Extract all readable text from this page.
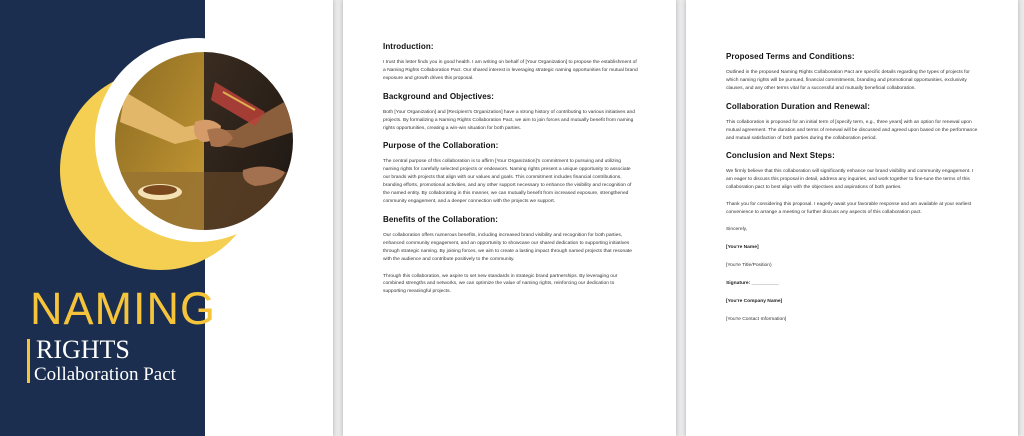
NAMING
RIGHTS
Collaboration Pact
Introduction:

I trust this letter finds you in good health. I am writing on behalf of [Your Organization] to propose the establishment of a Naming Rights Collaboration Pact. Our shared interest in leveraging strategic naming opportunities for mutual brand exposure and growth drives this proposal.

Background and Objectives:

Both [Your Organization] and [Recipient's Organization] have a strong history of contributing to various initiatives and projects. By formalizing a Naming Rights Collaboration Pact, we aim to join forces and mutually benefit from naming rights opportunities, creating a win-win situation for both parties.

Purpose of the Collaboration:

The central purpose of this collaboration is to affirm [Your Organization]'s commitment to pursuing and utilizing naming rights for carefully selected projects or endeavors. Naming rights present a unique opportunity to associate our brands with projects that align with our values and goals. This commitment includes financial contributions, branding efforts, promotional activities, and any other support necessary to enhance the visibility and recognition of the named entity. By collaborating in this manner, we can mutually benefit from increased exposure, strengthened community engagement, and a deeper connection with the projects we support.

Benefits of the Collaboration:

Our collaboration offers numerous benefits, including increased brand visibility and recognition for both parties, enhanced community engagement, and an opportunity to showcase our shared dedication to supporting initiatives through strategic naming. By joining forces, we aim to create a lasting impact through named projects that resonate with the audience and contribute positively to the community.

Through this collaboration, we aspire to set new standards in strategic brand partnerships. By leveraging our combined strengths and networks, we can optimize the value of naming rights, reinforcing our dedication to supporting meaningful projects.

Proposed Terms and Conditions:

Outlined in the proposed Naming Rights Collaboration Pact are specific details regarding the types of projects for which naming rights will be pursued, financial commitments, branding and promotional opportunities, exclusivity clauses, and any other terms vital for a successful and mutually beneficial collaboration.

Collaboration Duration and Renewal:

This collaboration is proposed for an initial term of [specify term, e.g., three years] with an option for renewal upon mutual agreement. The duration and terms of renewal will be discussed and agreed upon based on the performance and mutual satisfaction of both parties during the collaboration period.

Conclusion and Next Steps:

We firmly believe that this collaboration will significantly enhance our brand visibility and community engagement. I am eager to discuss this proposal in detail, address any inquiries, and work together to fine-tune the terms of this collaboration pact to best align with the objectives and aspirations of both parties.

Thank you for considering this proposal. I eagerly await your favorable response and am available at your earliest convenience to arrange a meeting or further discuss any aspects of this collaboration pact.

Sincerely,

[You're Name]

[You're Title/Position)

Signature: __________

[You're Company Name]

[You're Contact Information]
